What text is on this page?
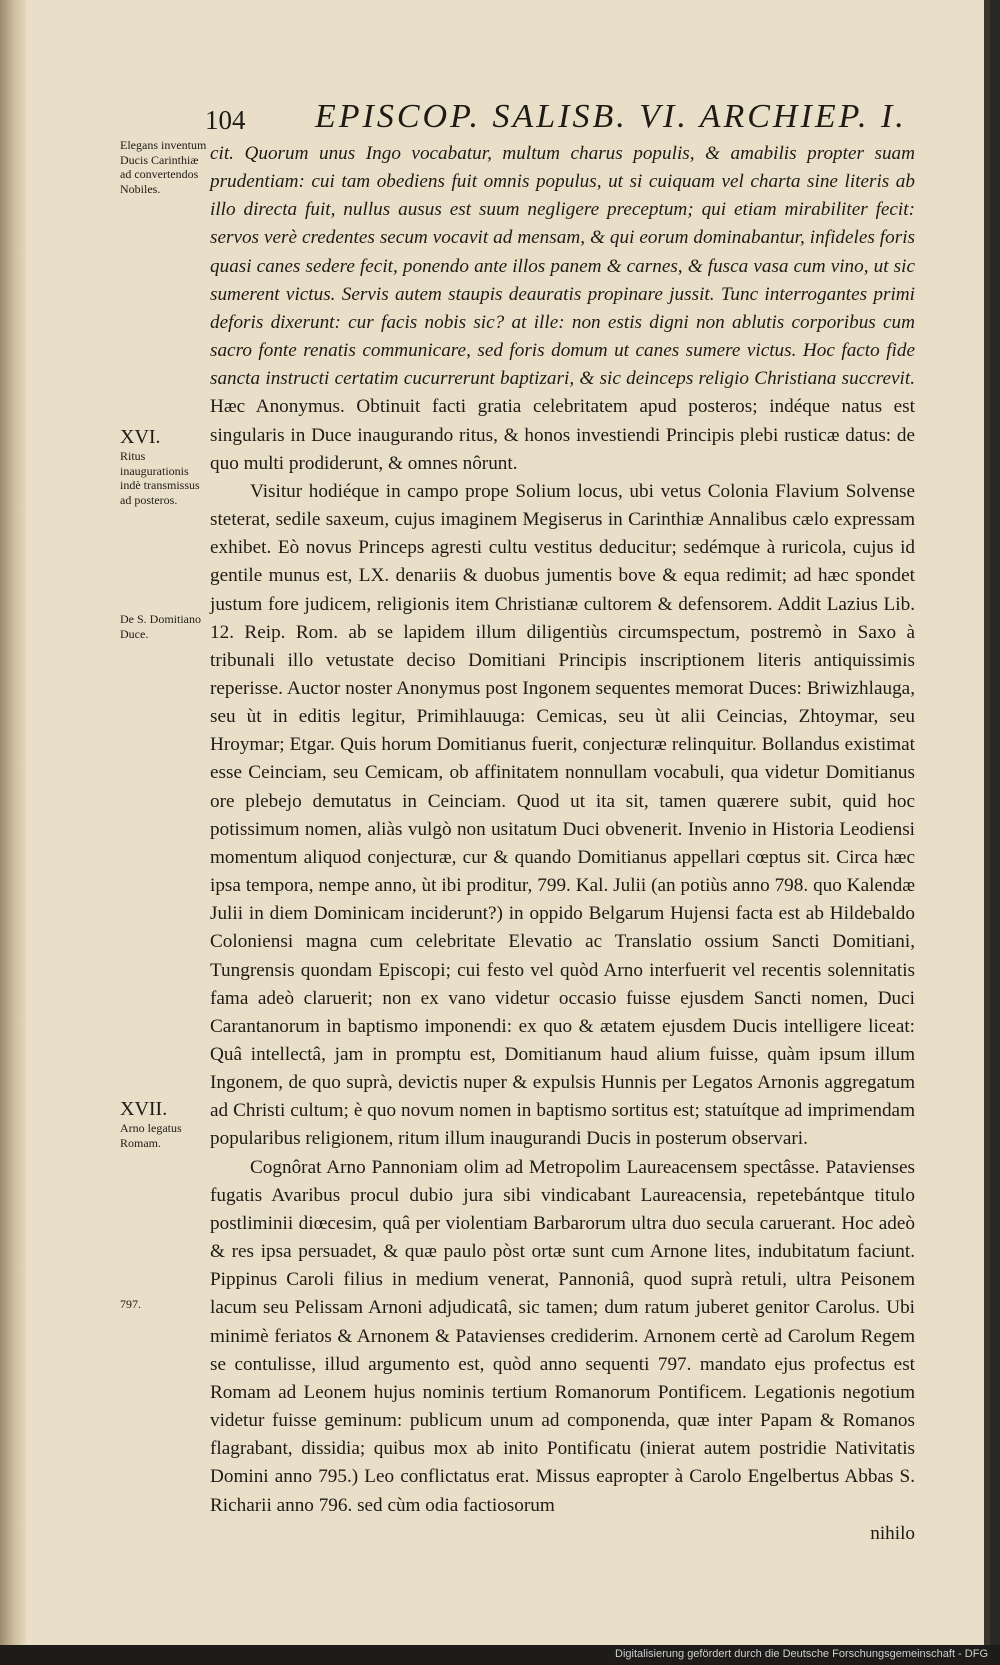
104 EPISCOP. SALISB. VI. ARCHIEP. I.
Elegans inventum Ducis Carinthiæ ad convertendos Nobiles.
XVI.
Ritus inaugurationis indè transmissus ad posteros.
De S. Domitiano Duce.
XVII.
Arno legatus Romam.
797.

cit. Quorum unus Ingo vocabatur, multum charus populis, & amabilis propter suam prudentiam: cui tam obediens fuit omnis populus, ut si cuiquam vel charta sine literis ab illo directa fuit, nullus ausus est suum negligere preceptum; qui etiam mirabiliter fecit: servos verè credentes secum vocavit ad mensam, & qui eorum dominabantur, infideles foris quasi canes sedere fecit, ponendo ante illos panem & carnes, & fusca vasa cum vino, ut sic sumerent victus. Servis autem staupis deauratis propinare jussit. Tunc interrogantes primi deforis dixerunt: cur facis nobis sic? at ille: non estis digni non ablutis corporibus cum sacro fonte renatis communicare, sed foris domum ut canes sumere victus. Hoc facto fide sancta instructi certatim cucurrerunt baptizari, & sic deinceps religio Christiana succrevit. Hæc Anonymus. Obtinuit facti gratia celebritatem apud posteros; indéque natus est singularis in Duce inaugurando ritus, & honos investiendi Principis plebi rusticæ datus: de quo multi prodiderunt, & omnes nôrunt.

Visitur hodiéque in campo prope Solium locus, ubi vetus Colonia Flavium Solvense steterat, sedile saxeum, cujus imaginem Megiserus in Carinthiæ Annalibus cælo expressam exhibet. Eò novus Princeps agresti cultu vestitus deducitur; sedémque à ruricola, cujus id gentile munus est, LX. denariis & duobus jumentis bove & equa redimit; ad hæc spondet justum fore judicem, religionis item Christianæ cultorem & defensorem. Addit Lazius Lib. 12. Reip. Rom. ab se lapidem illum diligentiùs circumspectum, postremò in Saxo à tribunali illo vetustate deciso Domitiani Principis inscriptionem literis antiquissimis reperisse. Auctor noster Anonymus post Ingonem sequentes memorat Duces: Briwizhlauga, seu ùt in editis legitur, Primihlauuga: Cemicas, seu ùt alii Ceincias, Zhtoymar, seu Hroymar; Etgar. Quis horum Domitianus fuerit, conjecturæ relinquitur. Bollandus existimat esse Ceinciam, seu Cemicam, ob affinitatem nonnullam vocabuli, qua videtur Domitianus ore plebejo demutatus in Ceinciam. Quod ut ita sit, tamen quærere subit, quid hoc potissimum nomen, aliàs vulgò non usitatum Duci obvenerit. Invenio in Historia Leodiensi momentum aliquod conjecturæ, cur & quando Domitianus appellari cœptus sit. Circa hæc ipsa tempora, nempe anno, ùt ibi proditur, 799. Kal. Julii (an potiùs anno 798. quo Kalendæ Julii in diem Dominicam inciderunt?) in oppido Belgarum Hujensi facta est ab Hildebaldo Coloniensi magna cum celebritate Elevatio ac Translatio ossium Sancti Domitiani, Tungrensis quondam Episcopi; cui festo vel quòd Arno interfuerit vel recentis solennitatis fama adeò claruerit; non ex vano videtur occasio fuisse ejusdem Sancti nomen, Duci Carantanorum in baptismo imponendi: ex quo & ætatem ejusdem Ducis intelligere liceat: Quâ intellectâ, jam in promptu est, Domitianum haud alium fuisse, quàm ipsum illum Ingonem, de quo suprà, devictis nuper & expulsis Hunnis per Legatos Arnonis aggregatum ad Christi cultum; è quo novum nomen in baptismo sortitus est; statuítque ad imprimendam popularibus religionem, ritum illum inaugurandi Ducis in posterum observari.

Cognôrat Arno Pannoniam olim ad Metropolim Laureacensem spectâsse. Patavienses fugatis Avaribus procul dubio jura sibi vindicabant Laureacensia, repetebántque titulo postliminii diœcesim, quâ per violentiam Barbarorum ultra duo secula caruerant. Hoc adeò & res ipsa persuadet, & quæ paulo pòst ortæ sunt cum Arnone lites, indubitatum faciunt. Pippinus Caroli filius in medium venerat, Pannoniâ, quod suprà retuli, ultra Peisonem lacum seu Pelissam Arnoni adjudicatâ, sic tamen; dum ratum juberet genitor Carolus. Ubi minimè feriatos & Arnonem & Patavienses crediderim. Arnonem certè ad Carolum Regem se contulisse, illud argumento est, quòd anno sequenti 797. mandato ejus profectus est Romam ad Leonem hujus nominis tertium Romanorum Pontificem. Legationis negotium videtur fuisse geminum: publicum unum ad componenda, quæ inter Papam & Romanos flagrabant, dissidia; quibus mox ab inito Pontificatu (inierat autem postridie Nativitatis Domini anno 795.) Leo conflictatus erat. Missus eapropter à Carolo Engelbertus Abbas S. Richarii anno 796. sed cùm odia factiosorum

nihilo

Digitalisierung gefördert durch die Deutsche Forschungsgemeinschaft - DFG
